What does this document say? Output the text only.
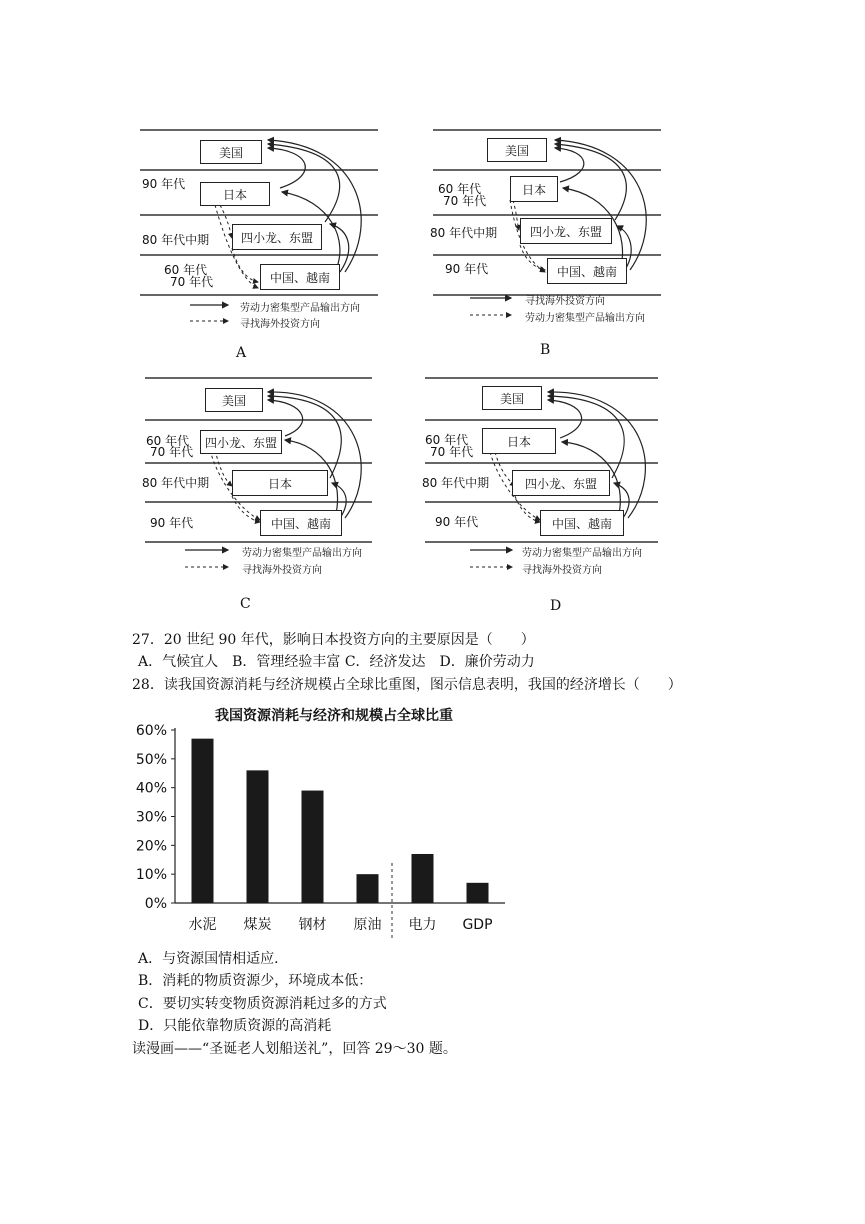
美国
日本
四小龙、东盟
中国、越南
90 年代
80 年代中期
60 年代
70 年代
劳动力密集型产品输出方向
寻找海外投资方向
A
美国
日本
四小龙、东盟
中国、越南
60 年代
70 年代
80 年代中期
90 年代
寻找海外投资方向
劳动力密集型产品输出方向
B
美国
四小龙、东盟
日本
中国、越南
60 年代
70 年代
80 年代中期
90 年代
劳动力密集型产品输出方向
寻找海外投资方向
C
美国
日本
四小龙、东盟
中国、越南
60 年代
70 年代
80 年代中期
90 年代
劳动力密集型产品输出方向
寻找海外投资方向
D
27．20 世纪 90 年代，影响日本投资方向的主要原因是（　　）
A．气候宜人　B．管理经验丰富 C．经济发达　D．廉价劳动力
28．读我国资源消耗与经济规模占全球比重图，图示信息表明，我国的经济增长（　　）
我国资源消耗与经济和规模占全球比重
0%
10%
20%
30%
40%
50%
60%
水泥 煤炭 钢材 原油 电力 GDP
A．与资源国情相适应．
B．消耗的物质资源少，环境成本低：
C．要切实转变物质资源消耗过多的方式
D．只能依靠物质资源的高消耗
读漫画——“圣诞老人划船送礼”，回答 29～30 题。
